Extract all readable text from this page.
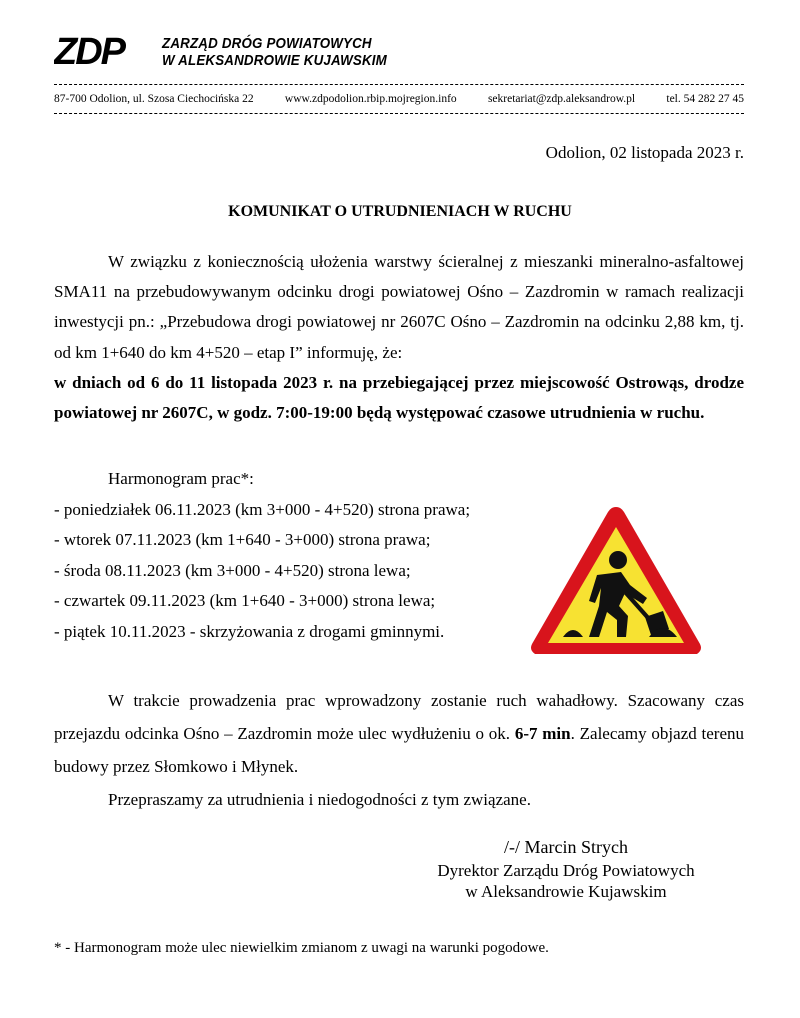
ZDP	ZARZĄD DRÓG POWIATOWYCH
W ALEKSANDROWIE KUJAWSKIM
87-700 Odolion, ul. Szosa Ciechocińska 22	www.zdpodolion.rbip.mojregion.info	sekretariat@zdp.aleksandrow.pl	tel. 54 282 27 45
Odolion, 02 listopada 2023 r.
KOMUNIKAT O UTRUDNIENIACH W RUCHU

W związku z koniecznością ułożenia warstwy ścieralnej z mieszanki mineralno-asfaltowej SMA11 na przebudowywanym odcinku drogi powiatowej Ośno – Zazdromin w ramach realizacji inwestycji pn.: „Przebudowa drogi powiatowej nr 2607C Ośno – Zazdromin na odcinku 2,88 km, tj. od km 1+640 do km 4+520 – etap I” informuję, że:

w dniach od 6 do 11 listopada 2023 r. na przebiegającej przez miejscowość Ostrowąs, drodze powiatowej nr 2607C, w godz. 7:00-19:00 będą występować czasowe utrudnienia w ruchu.

Harmonogram prac*:
- poniedziałek 06.11.2023 (km 3+000 - 4+520) strona prawa;
- wtorek 07.11.2023 (km 1+640 - 3+000) strona prawa;
- środa 08.11.2023 (km 3+000 - 4+520) strona lewa;
- czwartek 09.11.2023 (km 1+640 - 3+000) strona lewa;
- piątek 10.11.2023 - skrzyżowania z drogami gminnymi.

W trakcie prowadzenia prac wprowadzony zostanie ruch wahadłowy. Szacowany czas przejazdu odcinka Ośno – Zazdromin może ulec wydłużeniu o ok. 6-7 min. Zalecamy objazd terenu budowy przez Słomkowo i Młynek.

Przepraszamy za utrudnienia i niedogodności z tym związane.

/-/ Marcin Strych
Dyrektor Zarządu Dróg Powiatowych
w Aleksandrowie Kujawskim
* - Harmonogram może ulec niewielkim zmianom z uwagi na warunki pogodowe.
